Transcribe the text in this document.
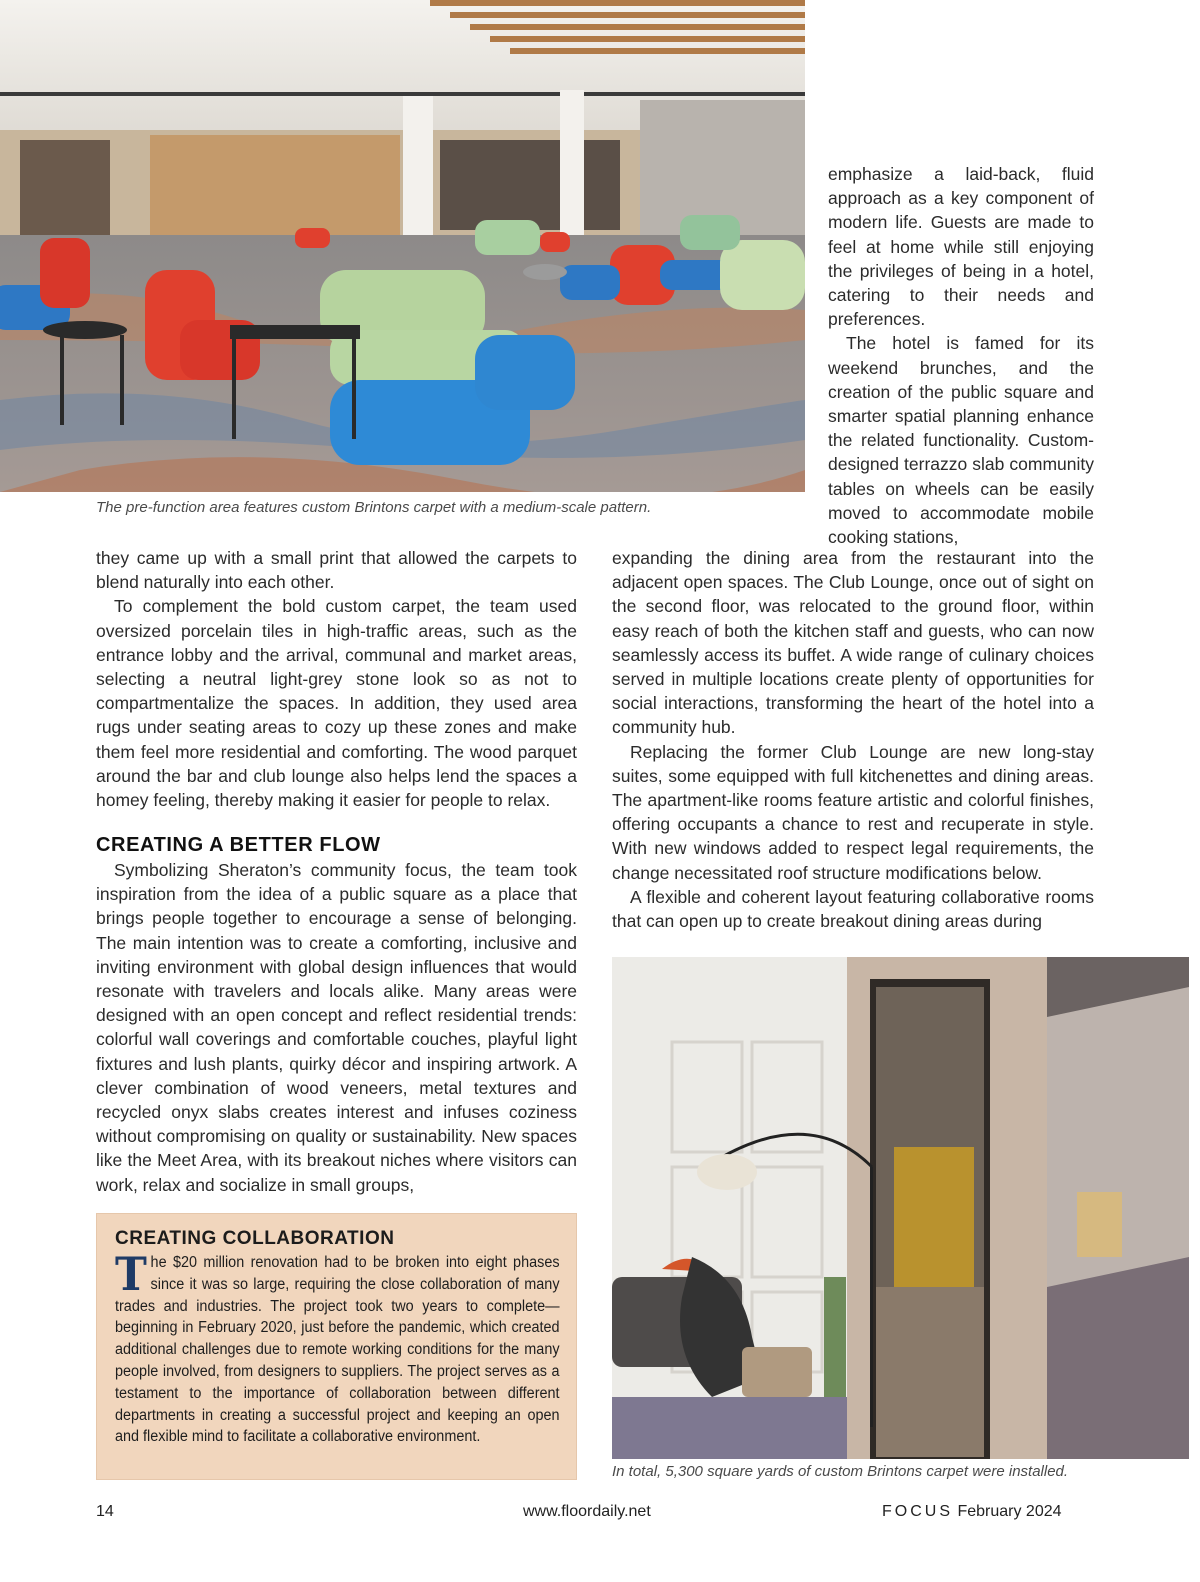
The pre-function area features custom Brintons carpet with a medium-scale pattern.

emphasize a laid-back, fluid approach as a key component of modern life. Guests are made to feel at home while still enjoying the privileges of being in a hotel, catering to their needs and preferences.

The hotel is famed for its weekend brunches, and the creation of the public square and smarter spatial planning enhance the related functionality. Custom-designed terrazzo slab community tables on wheels can be easily moved to accommodate mobile cooking stations,

they came up with a small print that allowed the carpets to blend naturally into each other.

To complement the bold custom carpet, the team used oversized porcelain tiles in high-traffic areas, such as the entrance lobby and the arrival, communal and market areas, selecting a neutral light-grey stone look so as not to compartmentalize the spaces. In addition, they used area rugs under seating areas to cozy up these zones and make them feel more residential and comforting. The wood parquet around the bar and club lounge also helps lend the spaces a homey feeling, thereby making it easier for people to relax.

CREATING A BETTER FLOW

Symbolizing Sheraton’s community focus, the team took inspiration from the idea of a public square as a place that brings people together to encourage a sense of belonging. The main intention was to create a comforting, inclusive and inviting environment with global design influences that would resonate with travelers and locals alike. Many areas were designed with an open concept and reflect residential trends: colorful wall coverings and comfortable couches, playful light fixtures and lush plants, quirky décor and inspiring artwork. A clever combination of wood veneers, metal textures and recycled onyx slabs creates interest and infuses coziness without compromising on quality or sustainability. New spaces like the Meet Area, with its breakout niches where visitors can work, relax and socialize in small groups,

expanding the dining area from the restaurant into the adjacent open spaces. The Club Lounge, once out of sight on the second floor, was relocated to the ground floor, within easy reach of both the kitchen staff and guests, who can now seamlessly access its buffet. A wide range of culinary choices served in multiple locations create plenty of opportunities for social interactions, transforming the heart of the hotel into a community hub.

Replacing the former Club Lounge are new long-stay suites, some equipped with full kitchenettes and dining areas. The apartment-like rooms feature artistic and colorful finishes, offering occupants a chance to rest and recuperate in style. With new windows added to respect legal requirements, the change necessitated roof structure modifications below.

A flexible and coherent layout featuring collaborative rooms that can open up to create breakout dining areas during

CREATING COLLABORATION
The $20 million renovation had to be broken into eight phases since it was so large, requiring the close collaboration of many trades and industries. The project took two years to complete— beginning in February 2020, just before the pandemic, which created additional challenges due to remote working conditions for the many people involved, from designers to suppliers. The project serves as a testament to the importance of collaboration between different departments in creating a successful project and keeping an open and flexible mind to facilitate a collaborative environment.
In total, 5,300 square yards of custom Brintons carpet were installed.
14	www.floordaily.net	FOCUS February 2024
